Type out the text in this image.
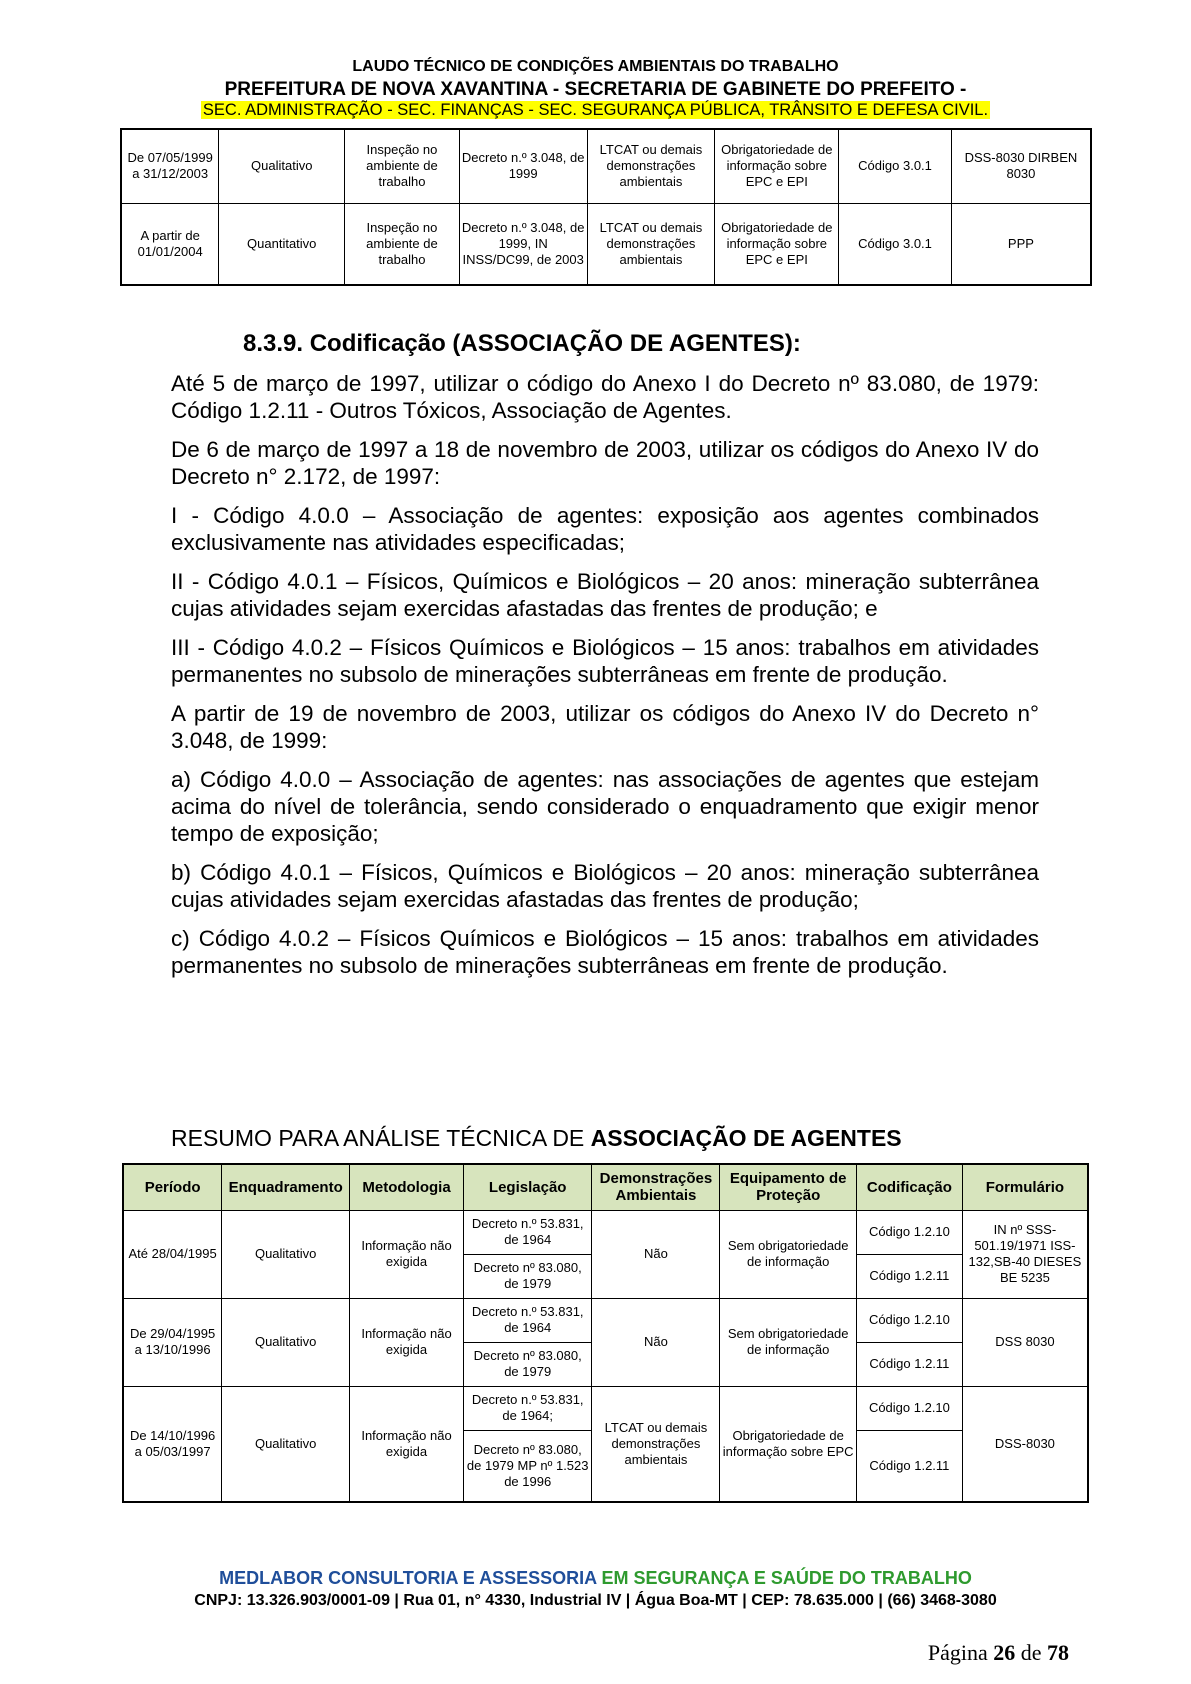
LAUDO TÉCNICO DE CONDIÇÕES AMBIENTAIS DO TRABALHO
PREFEITURA DE NOVA XAVANTINA - SECRETARIA DE GABINETE DO PREFEITO -
SEC. ADMINISTRAÇÃO - SEC. FINANÇAS - SEC. SEGURANÇA PÚBLICA, TRÂNSITO E DEFESA CIVIL.
De 07/05/1999 a 31/12/2003	Qualitativo	Inspeção no ambiente de trabalho	Decreto n.º 3.048, de 1999	LTCAT ou demais demonstrações ambientais	Obrigatoriedade de informação sobre EPC e EPI	Código 3.0.1	DSS-8030 DIRBEN 8030
A partir de 01/01/2004	Quantitativo	Inspeção no ambiente de trabalho	Decreto n.º 3.048, de 1999, IN INSS/DC99, de 2003	LTCAT ou demais demonstrações ambientais	Obrigatoriedade de informação sobre EPC e EPI	Código 3.0.1	PPP
8.3.9. Codificação (ASSOCIAÇÃO DE AGENTES):

Até 5 de março de 1997, utilizar o código do Anexo I do Decreto nº 83.080, de 1979: Código 1.2.11 - Outros Tóxicos, Associação de Agentes.

De 6 de março de 1997 a 18 de novembro de 2003, utilizar os códigos do Anexo IV do Decreto n° 2.172, de 1997:

I - Código 4.0.0 – Associação de agentes: exposição aos agentes combinados exclusivamente nas atividades especificadas;

II - Código 4.0.1 – Físicos, Químicos e Biológicos – 20 anos: mineração subterrânea cujas atividades sejam exercidas afastadas das frentes de produção; e

III - Código 4.0.2 – Físicos Químicos e Biológicos – 15 anos: trabalhos em atividades permanentes no subsolo de minerações subterrâneas em frente de produção.

A partir de 19 de novembro de 2003, utilizar os códigos do Anexo IV do Decreto n° 3.048, de 1999:

a) Código 4.0.0 – Associação de agentes: nas associações de agentes que estejam acima do nível de tolerância, sendo considerado o enquadramento que exigir menor tempo de exposição;

b) Código 4.0.1 – Físicos, Químicos e Biológicos – 20 anos: mineração subterrânea cujas atividades sejam exercidas afastadas das frentes de produção;

c) Código 4.0.2 – Físicos Químicos e Biológicos – 15 anos: trabalhos em atividades permanentes no subsolo de minerações subterrâneas em frente de produção.

RESUMO PARA ANÁLISE TÉCNICA DE ASSOCIAÇÃO DE AGENTES
Período	Enquadramento	Metodologia	Legislação	Demonstrações Ambientais	Equipamento de Proteção	Codificação	Formulário
Até 28/04/1995	Qualitativo	Informação não exigida	Decreto n.º 53.831, de 1964	Não	Sem obrigatoriedade de informação	Código 1.2.10	IN nº SSS-501.19/1971 ISS-132,SB-40 DIESES BE 5235
			Decreto nº 83.080, de 1979			Código 1.2.11	
De 29/04/1995 a 13/10/1996	Qualitativo	Informação não exigida	Decreto n.º 53.831, de 1964	Não	Sem obrigatoriedade de informação	Código 1.2.10	DSS 8030
			Decreto nº 83.080, de 1979			Código 1.2.11	
De 14/10/1996 a 05/03/1997	Qualitativo	Informação não exigida	Decreto n.º 53.831, de 1964;	LTCAT ou demais demonstrações ambientais	Obrigatoriedade de informação sobre EPC	Código 1.2.10	DSS-8030
			Decreto nº 83.080, de 1979 MP nº 1.523 de 1996			Código 1.2.11	
MEDLABOR CONSULTORIA E ASSESSORIA EM SEGURANÇA E SAÚDE DO TRABALHO
CNPJ: 13.326.903/0001-09 | Rua 01, n° 4330, Industrial IV | Água Boa-MT | CEP: 78.635.000 | (66) 3468-3080
Página 26 de 78
